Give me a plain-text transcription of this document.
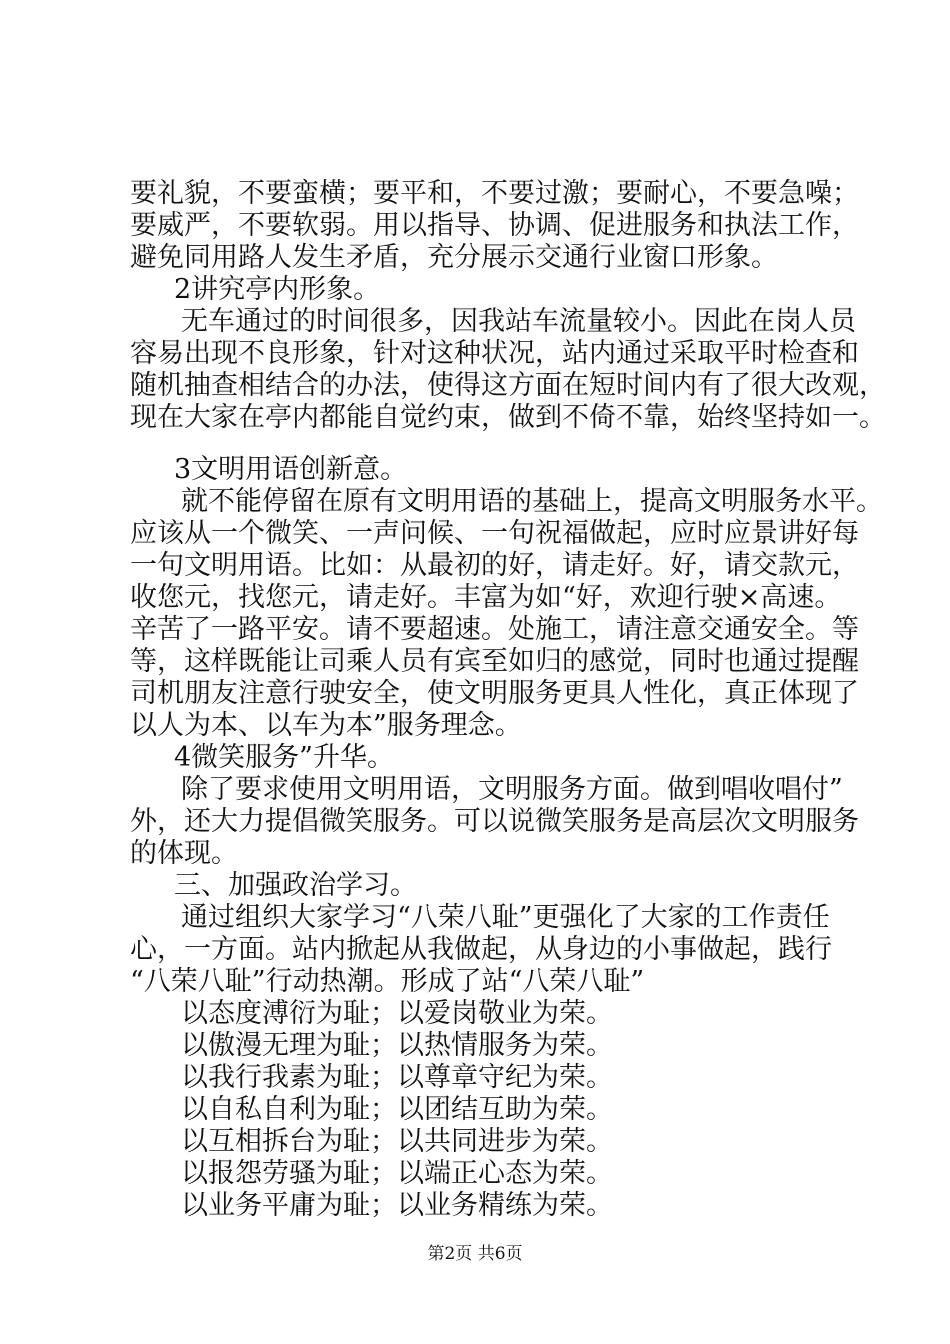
要礼貌，不要蛮横；要平和，不要过激；要耐心，不要急噪；
要威严，不要软弱。用以指导、协调、促进服务和执法工作，
避免同用路人发生矛盾，充分展示交通行业窗口形象。
2讲究亭内形象。
无车通过的时间很多，因我站车流量较小。因此在岗人员
容易出现不良形象，针对这种状况，站内通过采取平时检查和
随机抽查相结合的办法，使得这方面在短时间内有了很大改观，
现在大家在亭内都能自觉约束，做到不倚不靠，始终坚持如一。
3文明用语创新意。
就不能停留在原有文明用语的基础上，提高文明服务水平。
应该从一个微笑、一声问候、一句祝福做起，应时应景讲好每
一句文明用语。比如：从最初的好，请走好。好，请交款元，
收您元，找您元，请走好。丰富为如“好，欢迎行驶×高速。
辛苦了一路平安。请不要超速。处施工，请注意交通安全。等
等，这样既能让司乘人员有宾至如归的感觉，同时也通过提醒
司机朋友注意行驶安全，使文明服务更具人性化，真正体现了
以人为本、以车为本”服务理念。
4微笑服务”升华。
除了要求使用文明用语，文明服务方面。做到唱收唱付”
外，还大力提倡微笑服务。可以说微笑服务是高层次文明服务
的体现。
三、加强政治学习。
通过组织大家学习“八荣八耻”更强化了大家的工作责任
心，一方面。站内掀起从我做起，从身边的小事做起，践行
“八荣八耻”行动热潮。形成了站“八荣八耻”
以态度溥衍为耻；以爱岗敬业为荣。
以傲漫无理为耻；以热情服务为荣。
以我行我素为耻；以尊章守纪为荣。
以自私自利为耻；以团结互助为荣。
以互相拆台为耻；以共同进步为荣。
以报怨劳骚为耻；以端正心态为荣。
以业务平庸为耻；以业务精练为荣。
第2页 共6页
